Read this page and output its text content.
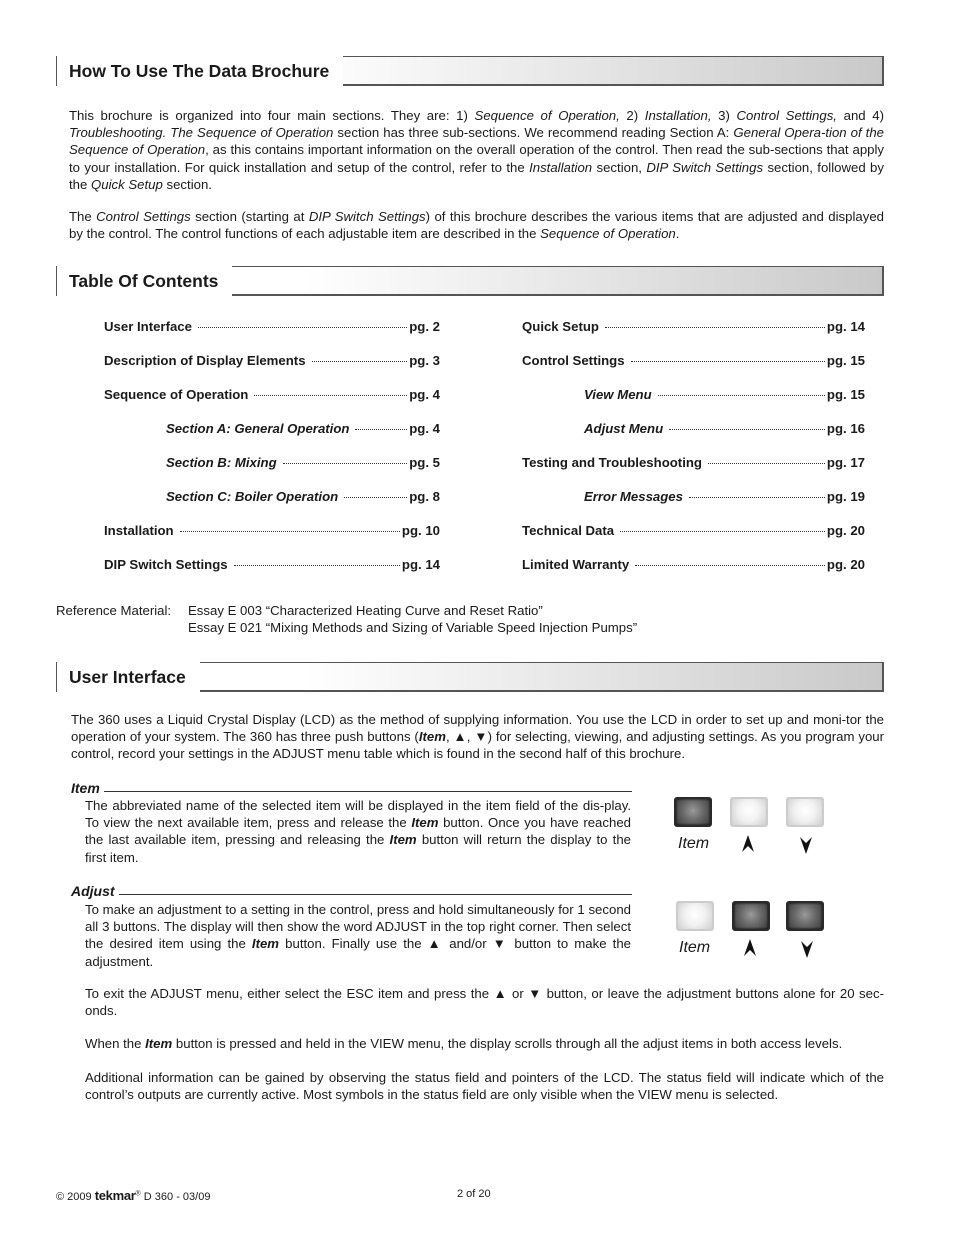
How To Use The Data Brochure

This brochure is organized into four main sections. They are: 1) Sequence of Operation, 2) Installation, 3) Control Settings, and 4) Troubleshooting. The Sequence of Operation section has three sub-sections. We recommend reading Section A: General Opera-tion of the Sequence of Operation, as this contains important information on the overall operation of the control. Then read the sub-sections that apply to your installation. For quick installation and setup of the control, refer to the Installation section, DIP Switch Settings section, followed by the Quick Setup section.

The Control Settings section (starting at DIP Switch Settings) of this brochure describes the various items that are adjusted and displayed by the control. The control functions of each adjustable item are described in the Sequence of Operation.

Table Of Contents
User Interface	pg. 2
Description of Display Elements	pg. 3
Sequence of Operation	pg. 4
Section A: General Operation	pg. 4
Section B: Mixing	pg. 5
Section C: Boiler Operation	pg. 8
Installation	pg. 10
DIP Switch Settings	pg. 14
Quick Setup	pg. 14
Control Settings	pg. 15
View Menu	pg. 15
Adjust Menu	pg. 16
Testing and Troubleshooting	pg. 17
Error Messages	pg. 19
Technical Data	pg. 20
Limited Warranty	pg. 20
Reference Material: Essay E 003 “Characterized Heating Curve and Reset Ratio”
Essay E 021 “Mixing Methods and Sizing of Variable Speed Injection Pumps”
User Interface

The 360 uses a Liquid Crystal Display (LCD) as the method of supplying information. You use the LCD in order to set up and moni-tor the operation of your system. The 360 has three push buttons (Item, ▲, ▼) for selecting, viewing, and adjusting settings. As you program your control, record your settings in the ADJUST menu table which is found in the second half of this brochure.

Item

The abbreviated name of the selected item will be displayed in the item field of the dis-play. To view the next available item, press and release the Item button. Once you have reached the last available item, pressing and releasing the Item button will return the display to the first item.

Adjust

To make an adjustment to a setting in the control, press and hold simultaneously for 1 second all 3 buttons. The display will then show the word ADJUST in the top right corner. Then select the desired item using the Item button. Finally use the ▲ and/or ▼ button to make the adjustment.

To exit the ADJUST menu, either select the ESC item and press the ▲ or ▼ button, or leave the adjustment buttons alone for 20 sec-onds.

When the Item button is pressed and held in the VIEW menu, the display scrolls through all the adjust items in both access levels.

Additional information can be gained by observing the status field and pointers of the LCD. The status field will indicate which of the control’s outputs are currently active. Most symbols in the status field are only visible when the VIEW menu is selected.

Item
Item
© 2009 tekmar® D 360 - 03/09	2 of 20
